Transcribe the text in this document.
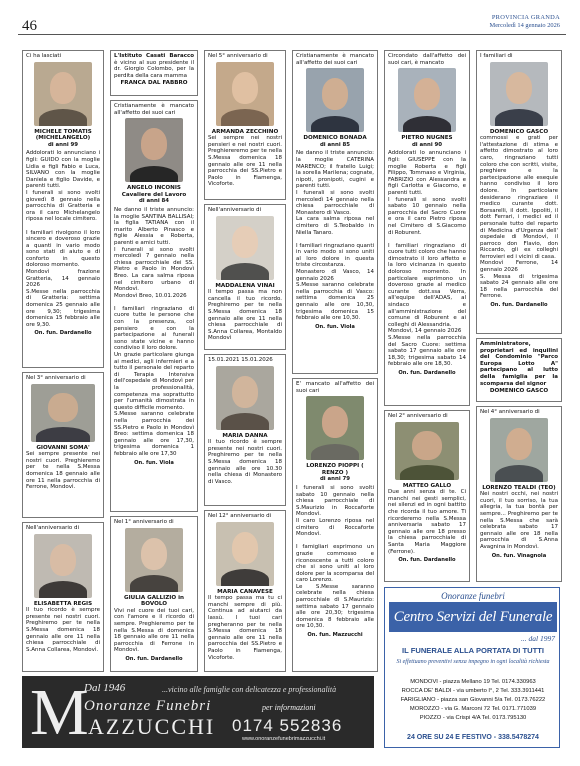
46
PROVINCIA GRANDA
Mercoledì 14 gennaio 2026
Ci ha lasciati
MICHELE TOMATIS (MICHELANGELO)
di anni 99
Addolorati lo annunciano i figli: GUIDO con la moglie Lidia e figli Fabio e Luca, SILVANO con la moglie Daniela e figlio Davide, e parenti tutti.
I funerali si sono svolti giovedì 8 gennaio nella parrocchia di Gratteria e ora il caro Michelangelo riposa nel locale cimitero.

I familiari rivolgono il loro sincero e doveroso grazie a quanti in vario modo sono stati di aiuto e di conforto in questo doloroso momento.
Mondovì frazione Gratteria, 14 gennaio 2026
S.Messe nella parrocchia di Gratteria: settima domenica 25 gennaio alle ore 9,30; trigesima domenica 15 febbraio alle ore 9,30.
On. fun. Dardanello
Nel 3° anniversario di
GIOVANNI SOMA'
Sei sempre presente nei nostri cuori. Preghieremo per te nella S.Messa domenica 18 gennaio alle ore 11 nella parrocchia di Ferrone, Mondovì.
Nell'anniversario di
ELISABETTA REGIS
Il tuo ricordo è sempre presente nei nostri cuori. Preghiremo per te nella S.Messa domenica 18 gennaio alle ore 11 nella chiesa parrocchiale di S.Anna Collarea, Mondovì.
L'Istituto Casati Baracco è vicino al suo presidente il dr. Giorgio Colombo, per la perdita della cara mamma
FRANCA DAL FABBRO
Cristianamente è mancato all'affetto dei suoi cari
ANGELO INCONIS Cavaliere del Lavoro
di anni 84
Ne danno il triste annuncio: la moglie SANTINA BALLISAI; la figlia TATIANA con il marito Alberto Pinasco e figlie Alessia e Roberta, parenti e amici tutti.
I funerali si sono svolti mercoledì 7 gennaio nella chiesa parrocchiale dei SS. Pietro e Paolo in Mondovì Breo. La cara salma riposa nel cimitero urbano di Mondovì.
Mondovì Breo, 10.01.2026

I familiari ringraziano di cuore tutte le persone che con la presenza, col pensiero e con la partecipazione ai funerali sono state vicine e hanno condiviso il loro dolore.
Un grazie particolare giunga ai medici, agli infermieri e a tutto il personale del reparto di Terapia Intensiva dell'ospedale di Mondovì per la professionalità, competenza ma soprattutto per l'umanità dimostrata in questo difficile momento.
S.Messe saranno celebrate nella parrocchia dei SS.Pietro e Paolo in Mondovì Breo: settima domenica 18 gennaio alle ore 17,30, trigesima domenica 1 febbraio alle ore 17,30
On. fun. Viola
Nel 1° anniversario di
GIULIA GALLIZIO in BOVOLO
Vivi nel cuore dei tuoi cari, con l'amore e il ricordo di sempre. Preghieremo per te nella S.Messa di domenica 18 gennaio alle ore 11 nella parrocchia di Ferrone in Mondovì.
On. fun. Dardanello
Nel 5° anniversario di
ARMANDA ZECCHINO
Sei sempre nei nostri pensieri e nei nostri cuori. Preghiereremo per te nella S.Messa domenica 18 gennaio alle ore 11 nella parrocchia dei SS.Pietro e Paolo in Fiamenga, Vicoforte.
Nell'anniversario di
MADDALENA VINAI
Il tempo passa ma non cancella il tuo ricordo. Preghiremo per te nella S.Messa domenica 18 gennaio alle ore 11 nella chiesa parrocchiale di S.Anna Collarea, Montaldo Mondovì
15.01.2021 15.01.2026
MARIA DANNA
Il tuo ricordo è sempre presente nei nostri cuori. Preghiremo per te nella S.Messa domenica 18 gennaio alle ore 10.30 nella chiesa di Monastero di Vasco.
Nel 12° anniversario di
MARIA CANAVESE
Il tempo passa ma tu ci manchi sempre di più. Continua ad aiutarci da lassù. I tuoi cari pregheranno per te nella S.Messa domenica 18 gennaio alle ore 11 nella parrocchia dei SS.Pietro e Paolo in Fiamenga, Vicoforte.
Cristianamente è mancato all'affetto dei suoi cari
DOMENICO BONADA
di anni 85
Ne danno il triste annuncio: la moglie CATERINA MARENCO; il fratello Luigi; la sorella Marilena; cognate, nipoti, pronipoti, cugini e parenti tutti.
I funerali si sono svolti mercoledì 14 gennaio nella chiesa parrocchiale di Monastero di Vasco.
La cara salma riposa nel cimitero di S.Teobaldo in Niella Tanaro.

I familiari ringraziano quanti in vario modo si sono uniti al loro dolore in questa triste circostanza.
Monastero di Vasco, 14 gennaio 2026
S.Messe saranno celebrate nella parrocchia di Vasco: settima domenica 25 gennaio alle ore 10,30, trigesima domenica 15 febbraio alle ore 10,30.
On. fun. Viola
E' mancato all'affetto dei suoi cari
LORENZO PIOPPI ( RENZO )
di anni 79
I funerali si sono svolti sabato 10 gennaio nella chiesa parrocchiale di S.Maurizio in Roccaforte Mondovì.
Il caro Lorenzo riposa nel cimitero di Roccaforte Mondovì.

I famigliari esprimono un grazie commosso e riconoscente a tutti coloro che si sono uniti al loro dolore per la scomparsa del caro Lorenzo.
Le S.Messe saranno celebrate nella chiesa parrocchiale di S.Maurizio: settima sabato 17 gennaio alle ore 20,30; trigesima domenica 8 febbraio alle ore 10,30.
On. fun. Mazzucchi
Circondato dall'affetto dei suoi cari, è mancato
PIETRO NUGNES
di anni 90
Addolorati lo annunciano i figli: GIUSEPPE con la moglie Roberta e figli Filippo, Tommaso e Virginia, FABRIZIO con Alessandra e figli Carlotta e Giacomo, e parenti tutti.
I funerali si sono svolti sabato 10 gennaio nella parrocchia del Sacro Cuore e ora il caro Pietro riposa nel Cimitero di S.Giacomo di Roburent.

I familiari ringraziano di cuore tutti coloro che hanno dimostrato il loro affetto e la loro vicinanza in questo doloroso momento. In particolare esprimono un doveroso grazie al medico curante dott.ssa Verra, all'equipe dell'ADAS, al sindaco e all'amministrazione del comune di Roburent e ai colleghi di Alessandria.
Mondovì, 14 gennaio 2026
S.Messe nella parrocchia del Sacro Cuore: settima sabato 17 gennaio alle ore 18,30; trigesima sabato 14 febbraio alle ore 18,30.
On. fun. Dardanello
Nel 2° anniversario di
MATTEO GALLO
Due anni senza di te. Ci manchi nei gesti semplici, nei silenzi ed in ogni battito che ricorda il tuo amore. Ti ricorderemo nella S.Messa anniversaria sabato 17 gennaio alle ore 18 presso la chiesa parrocchiale di Santa Maria Maggiore (Ferrone).
On. fun. Dardanello
I familiari di
DOMENICO GASCO
commossi e grati per l'attestazione di stima e affetto dimostrato al loro caro, ringraziano tutti coloro che con scritti, visite, preghiere e la partecipazione alle esequie hanno condiviso il loro dolore. In particolare desiderano ringraziare il medico curante dott. Borsarelli, il dott. Ippoliti, il dott Ferrari, i medici ed il personale tutto del reparto di Medicina d'Urgenza dell' ospedale di Mondovì, il parroco don Flavio, don Riccardo, gli ex colleghi ferrovieri ed i vicini di casa.
Mondovì Ferrone, 14 gennaio 2026
S. Messa di trigesima sabato 24 gennaio alle ore 18 nella parrocchia del Ferrone.
On. fun. Dardanello
Amministratore, proprietari ed inquilini del Condominio "Parco Europa Lotto A" partecipano al lutto della famiglia per la scomparsa del signor
DOMENICO GASCO
Nel 4° anniversario di
LORENZO TEALDI (TEO)
Nei nostri occhi, nei nostri cuori, il tuo sorriso, la tua allegria, la tua bontà per sempre... Preghiremo per te nella S.Messa che sarà celebrata sabato 17 gennaio alle ore 18 nella parrocchia di S.Anna Avagnina in Mondovì.
On. fun. Vinagnola
M
Dal 1946	...vicino alle famiglie con delicatezza e professionalità
Onoranze Funebri
AZZUCCHI
per informazioni
0174 552836
www.onoranzefunebrimazzucchi.it
Onoranze funebri
Centro Servizi del Funerale
... dal 1997
IL FUNERALE ALLA PORTATA DI TUTTI
Si effettuano preventivi senza impegno in ogni località richiesta
MONDOVI - piazza Mellano 19 Tel. 0174.330963
ROCCA DE' BALDI - via umberto I°, 2 Tel. 333.3911441
FARIGLIANO - piazza san Giovanni 5/a Tel. 0173.76222
MOROZZO - via G. Marconi 72 Tel. 0171.771039
PIOZZO - via Crispi 4/A Tel. 0173.795130
24 ORE SU 24 E FESTIVO - 338.5478274
